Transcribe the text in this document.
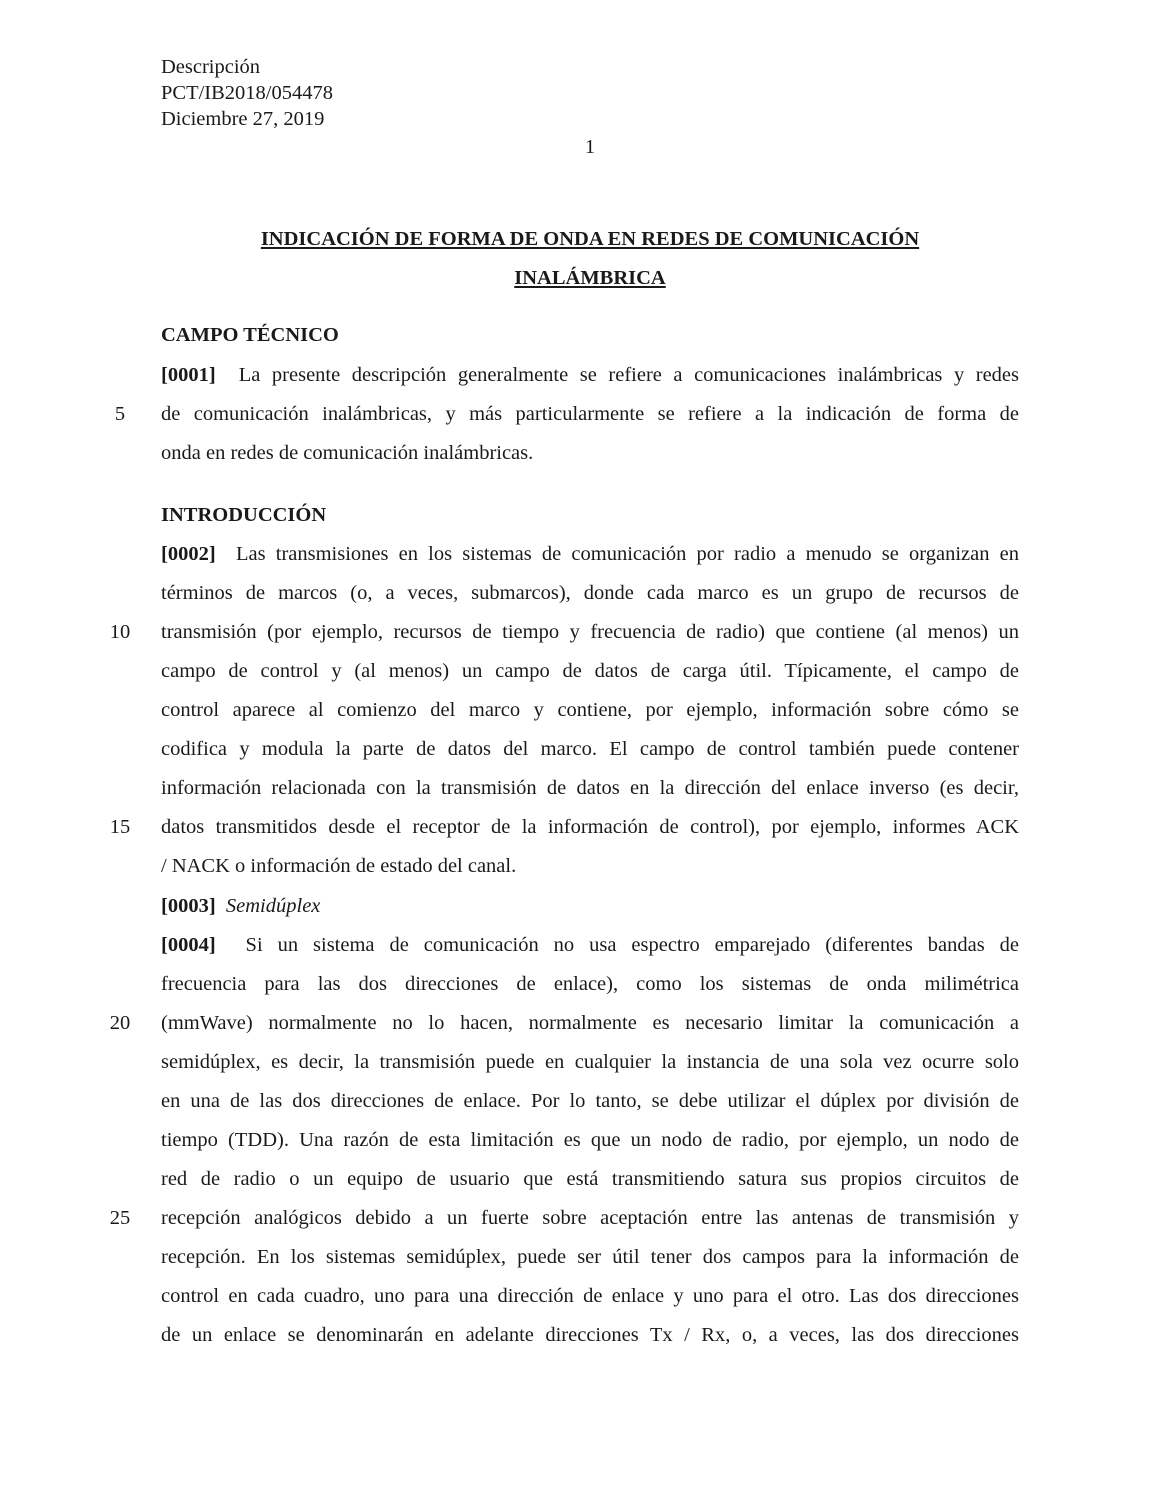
Descripción
PCT/IB2018/054478
Diciembre 27, 2019
1
INDICACIÓN DE FORMA DE ONDA EN REDES DE COMUNICACIÓN
INALÁMBRICA
CAMPO TÉCNICO
[0001] La presente descripción generalmente se refiere a comunicaciones inalámbricas y redes
5	de comunicación inalámbricas, y más particularmente se refiere a la indicación de forma de
onda en redes de comunicación inalámbricas.
INTRODUCCIÓN
[0002] Las transmisiones en los sistemas de comunicación por radio a menudo se organizan en
términos de marcos (o, a veces, submarcos), donde cada marco es un grupo de recursos de
10	transmisión (por ejemplo, recursos de tiempo y frecuencia de radio) que contiene (al menos) un
campo de control y (al menos) un campo de datos de carga útil. Típicamente, el campo de
control aparece al comienzo del marco y contiene, por ejemplo, información sobre cómo se
codifica y modula la parte de datos del marco. El campo de control también puede contener
información relacionada con la transmisión de datos en la dirección del enlace inverso (es decir,
15	datos transmitidos desde el receptor de la información de control), por ejemplo, informes ACK
/ NACK o información de estado del canal.
[0003] Semidúplex
[0004] Si un sistema de comunicación no usa espectro emparejado (diferentes bandas de
frecuencia para las dos direcciones de enlace), como los sistemas de onda milimétrica
20	(mmWave) normalmente no lo hacen, normalmente es necesario limitar la comunicación a
semidúplex, es decir, la transmisión puede en cualquier la instancia de una sola vez ocurre solo
en una de las dos direcciones de enlace. Por lo tanto, se debe utilizar el dúplex por división de
tiempo (TDD). Una razón de esta limitación es que un nodo de radio, por ejemplo, un nodo de
red de radio o un equipo de usuario que está transmitiendo satura sus propios circuitos de
25	recepción analógicos debido a un fuerte sobre aceptación entre las antenas de transmisión y
recepción. En los sistemas semidúplex, puede ser útil tener dos campos para la información de
control en cada cuadro, uno para una dirección de enlace y uno para el otro. Las dos direcciones
de un enlace se denominarán en adelante direcciones Tx / Rx, o, a veces, las dos direcciones
